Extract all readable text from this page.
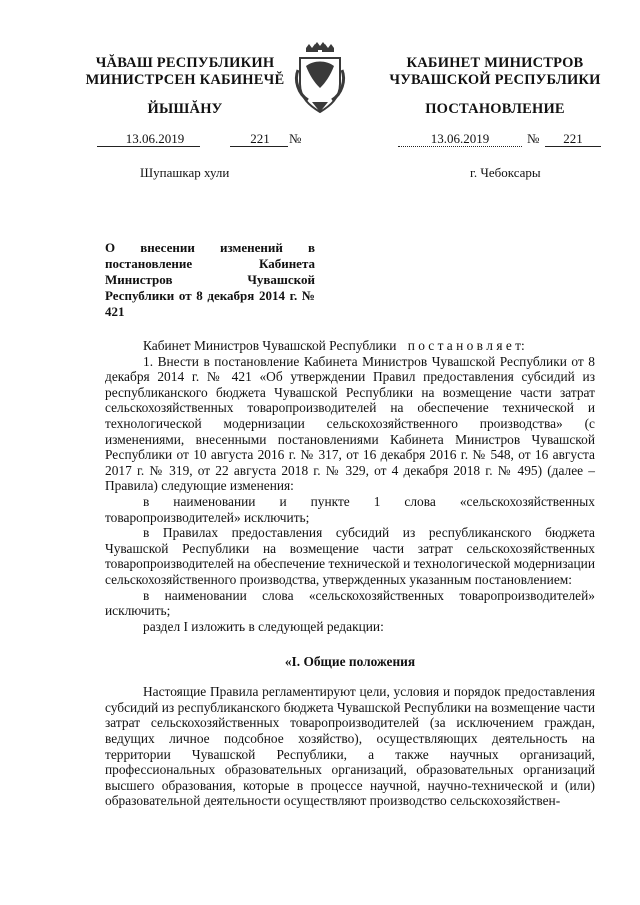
ЧĂВАШ РЕСПУБЛИКИН
МИНИСТРСЕН КАБИНЕЧĔ
ЙЫШĂНУ
КАБИНЕТ МИНИСТРОВ
ЧУВАШСКОЙ РЕСПУБЛИКИ
ПОСТАНОВЛЕНИЕ
13.06.2019	221	№	13.06.2019	№	221
Шупашкар хули	г. Чебоксары
О внесении изменений в постановление Кабинета Министров Чувашской Республики от 8 декабря 2014 г. № 421
Кабинет Министров Чувашской Республики п о с т а н о в л я е т:
1. Внести в постановление Кабинета Министров Чувашской Республики от 8 декабря 2014 г. № 421 «Об утверждении Правил предоставления субсидий из республиканского бюджета Чувашской Республики на возмещение части затрат сельскохозяйственных товаропроизводителей на обеспечение технической и технологической модернизации сельскохозяйственного производства» (с изменениями, внесенными постановлениями Кабинета Министров Чувашской Республики от 10 августа 2016 г. № 317, от 16 декабря 2016 г. № 548, от 16 августа 2017 г. № 319, от 22 августа 2018 г. № 329, от 4 декабря 2018 г. № 495) (далее – Правила) следующие изменения:
в наименовании и пункте 1 слова «сельскохозяйственных товаропроизводителей» исключить;
в Правилах предоставления субсидий из республиканского бюджета Чувашской Республики на возмещение части затрат сельскохозяйственных товаропроизводителей на обеспечение технической и технологической модернизации сельскохозяйственного производства, утвержденных указанным постановлением:
в наименовании слова «сельскохозяйственных товаропроизводителей» исключить;
раздел I изложить в следующей редакции:
«I. Общие положения
Настоящие Правила регламентируют цели, условия и порядок предоставления субсидий из республиканского бюджета Чувашской Республики на возмещение части затрат сельскохозяйственных товаропроизводителей (за исключением граждан, ведущих личное подсобное хозяйство), осуществляющих деятельность на территории Чувашской Республики, а также научных организаций, профессиональных образовательных организаций, образовательных организаций высшего образования, которые в процессе научной, научно-технической и (или) образовательной деятельности осуществляют производство сельскохозяйствен-
